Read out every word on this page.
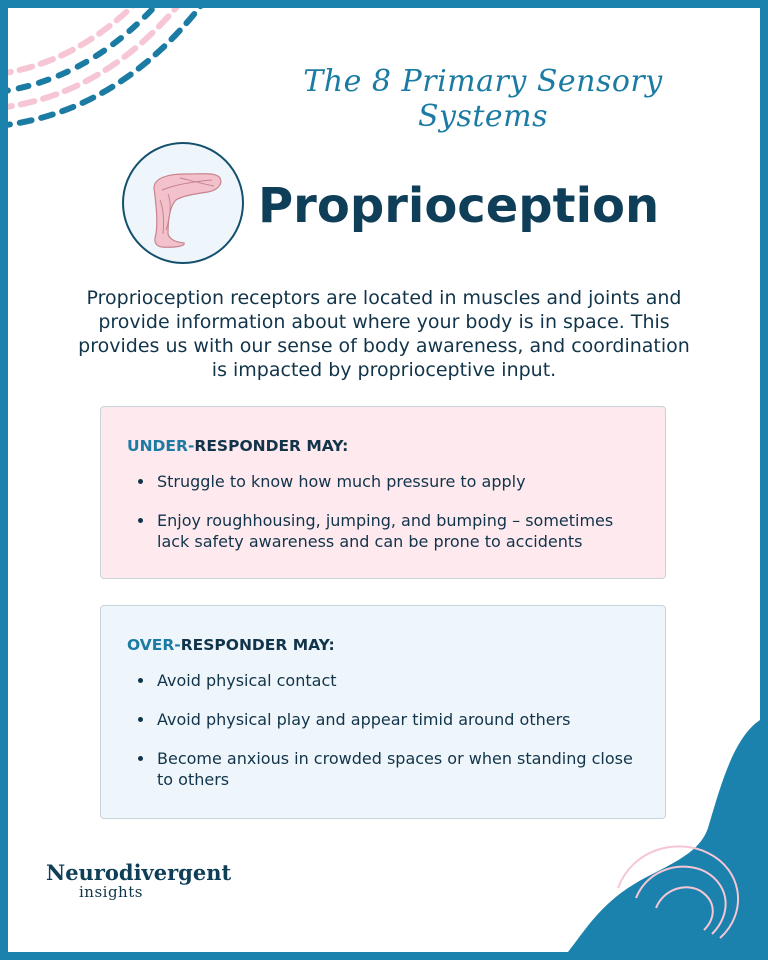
The 8 Primary Sensory Systems
Proprioception
Proprioception receptors are located in muscles and joints and provide information about where your body is in space. This provides us with our sense of body awareness, and coordination is impacted by proprioceptive input.
UNDER-RESPONDER MAY:
• Struggle to know how much pressure to apply
• Enjoy roughhousing, jumping, and bumping – sometimes lack safety awareness and can be prone to accidents
OVER-RESPONDER MAY:
• Avoid physical contact
• Avoid physical play and appear timid around others
• Become anxious in crowded spaces or when standing close to others
Neurodivergent
insights
